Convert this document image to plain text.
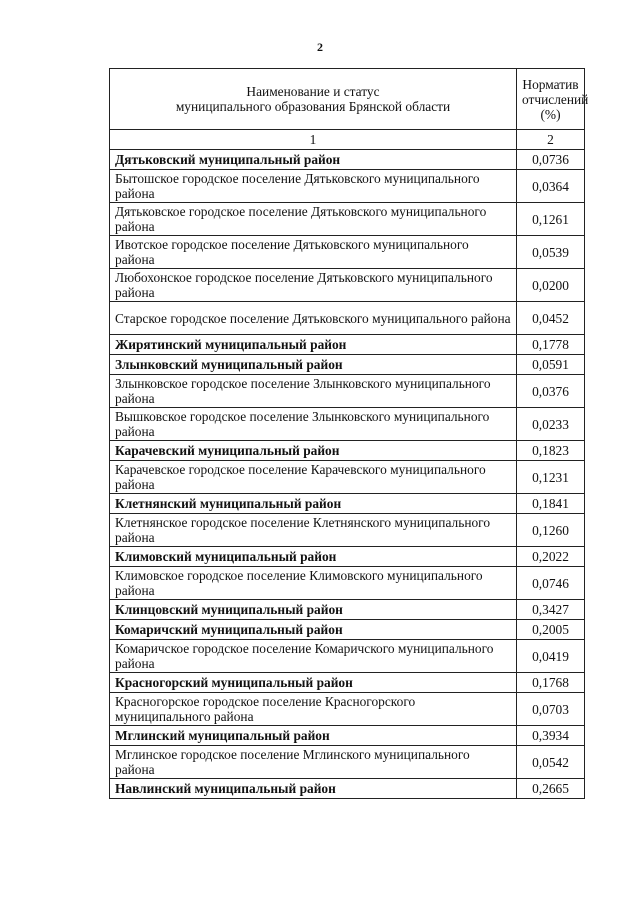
2
Наименование и статус
муниципального образования Брянской области	Норматив
отчислений
(%)
1	2
Дятьковский муниципальный район	0,0736
Бытошское городское поселение Дятьковского муниципального района	0,0364
Дятьковское городское поселение Дятьковского муниципального района	0,1261
Ивотское городское поселение Дятьковского муниципального района	0,0539
Любохонское городское поселение Дятьковского муниципального района	0,0200
Старское городское поселение Дятьковского муниципального района	0,0452
Жирятинский муниципальный район	0,1778
Злынковский муниципальный район	0,0591
Злынковское городское поселение Злынковского муниципального района	0,0376
Вышковское городское поселение Злынковского муниципального района	0,0233
Карачевский муниципальный район	0,1823
Карачевское городское поселение Карачевского муниципального района	0,1231
Клетнянский муниципальный район	0,1841
Клетнянское городское поселение Клетнянского муниципального района	0,1260
Климовский муниципальный район	0,2022
Климовское городское поселение Климовского муниципального района	0,0746
Клинцовский муниципальный район	0,3427
Комаричский муниципальный район	0,2005
Комаричское городское поселение Комаричского муниципального района	0,0419
Красногорский муниципальный район	0,1768
Красногорское городское поселение Красногорского муниципального района	0,0703
Мглинский муниципальный район	0,3934
Мглинское городское поселение Мглинского муниципального района	0,0542
Навлинский муниципальный район	0,2665
